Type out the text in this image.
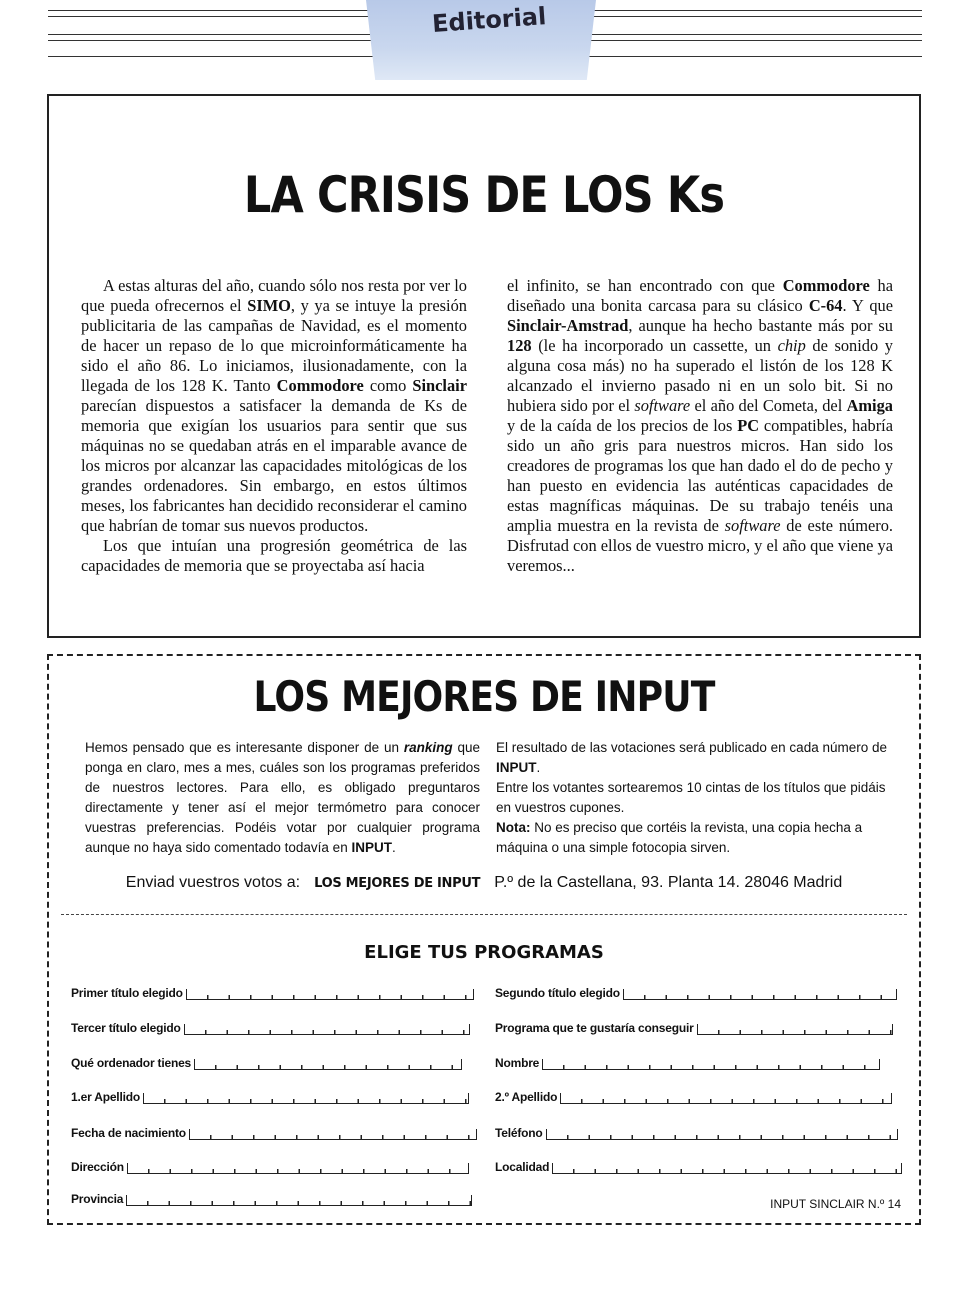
Editorial
LA CRISIS DE LOS Ks

A estas alturas del año, cuando sólo nos resta por ver lo que pueda ofrecernos el SIMO, y ya se intuye la presión publicitaria de las campañas de Navidad, es el momento de hacer un repaso de lo que microinformáticamente ha sido el año 86. Lo iniciamos, ilusionadamente, con la llegada de los 128 K. Tanto Commodore como Sinclair parecían dispuestos a satisfacer la demanda de Ks de memoria que exigían los usuarios para sentir que sus máquinas no se quedaban atrás en el imparable avance de los micros por alcanzar las capacidades mitológicas de los grandes ordenadores. Sin embargo, en estos últimos meses, los fabricantes han decidido reconsiderar el camino que habrían de tomar sus nuevos productos.

Los que intuían una progresión geométrica de las capacidades de memoria que se proyectaba así hacia

el infinito, se han encontrado con que Commodore ha diseñado una bonita carcasa para su clásico C-64. Y que Sinclair-Amstrad, aunque ha hecho bastante más por su 128 (le ha incorporado un cassette, un chip de sonido y alguna cosa más) no ha superado el listón de los 128 K alcanzado el invierno pasado ni en un solo bit. Si no hubiera sido por el software el año del Cometa, del Amiga y de la caída de los precios de los PC compatibles, habría sido un año gris para nuestros micros. Han sido los creadores de programas los que han dado el do de pecho y han puesto en evidencia las auténticas capacidades de estas magníficas máquinas. De su trabajo tenéis una amplia muestra en la revista de software de este número. Disfrutad con ellos de vuestro micro, y el año que viene ya veremos...

LOS MEJORES DE INPUT

Hemos pensado que es interesante disponer de un ranking que ponga en claro, mes a mes, cuáles son los programas preferidos de nuestros lectores. Para ello, es obligado preguntaros directamente y tener así el mejor termómetro para conocer vuestras preferencias. Podéis votar por cualquier programa aunque no haya sido comentado todavía en INPUT.

El resultado de las votaciones será publicado en cada número de INPUT.

Entre los votantes sortearemos 10 cintas de los títulos que pidáis en vuestros cupones.

Nota: No es preciso que cortéis la revista, una copia hecha a máquina o una simple fotocopia sirven.

Enviad vuestros votos a: LOS MEJORES DE INPUT P.º de la Castellana, 93. Planta 14. 28046 Madrid
ELIGE TUS PROGRAMAS
Primer título elegido	Segundo título elegido
Tercer título elegido	Programa que te gustaría conseguir
Qué ordenador tienes	Nombre
1.er Apellido	2.º Apellido
Fecha de nacimiento	Teléfono
Dirección	Localidad
Provincia	INPUT SINCLAIR N.º 14
